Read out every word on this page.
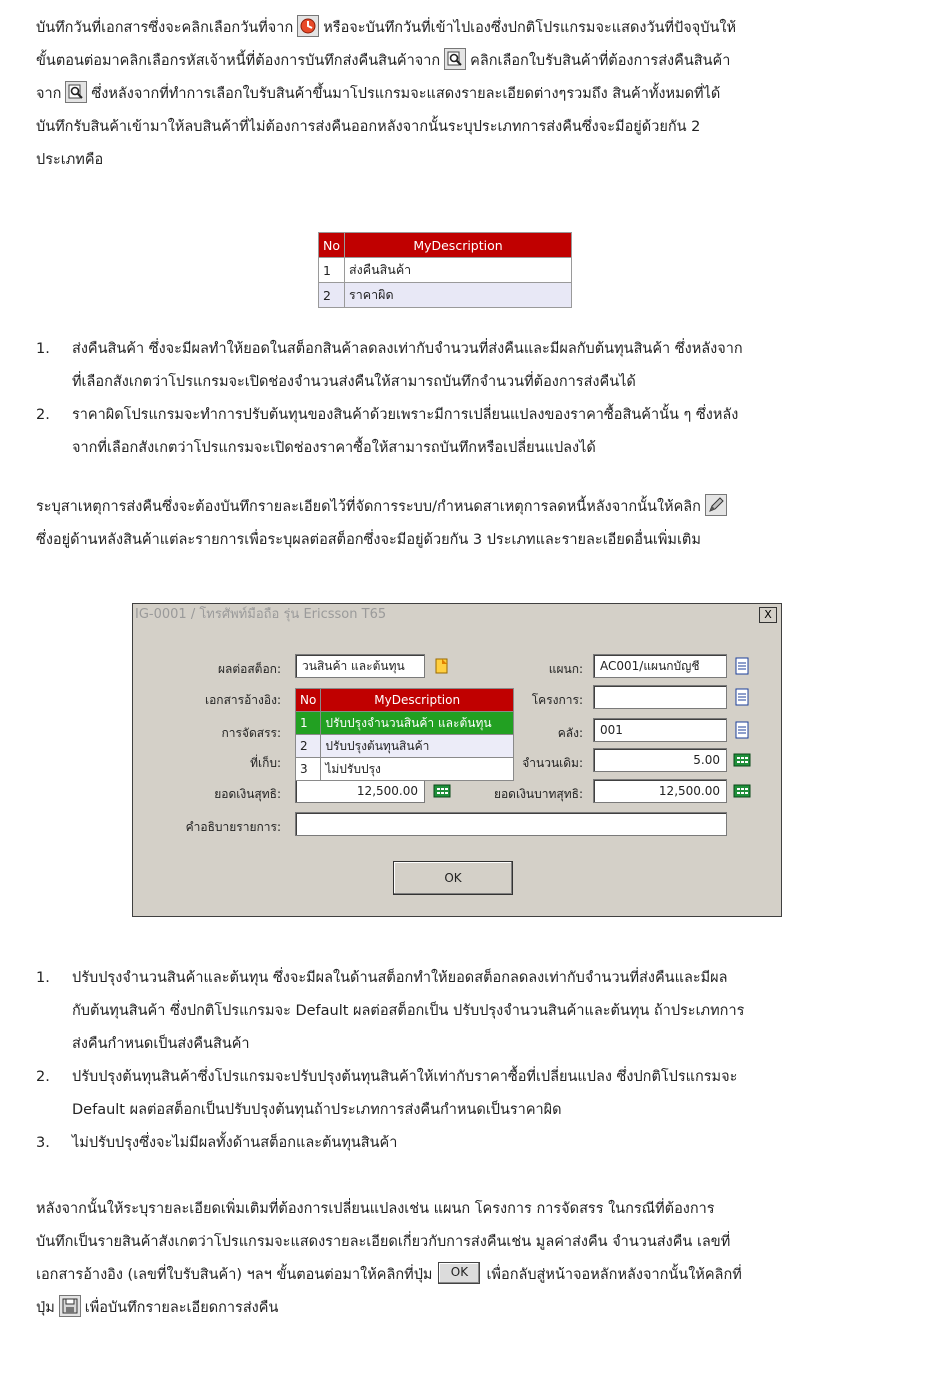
บันทึกวันที่เอกสารซึ่งจะคลิกเลือกวันที่จาก หรือจะบันทึกวันที่เข้าไปเองซึ่งปกติโปรแกรมจะแสดงวันที่ปัจจุบันให้
ขั้นตอนต่อมาคลิกเลือกรหัสเจ้าหนี้ที่ต้องการบันทึกส่งคืนสินค้าจาก คลิกเลือกใบรับสินค้าที่ต้องการส่งคืนสินค้า
จาก ซึ่งหลังจากที่ทำการเลือกใบรับสินค้าขึ้นมาโปรแกรมจะแสดงรายละเอียดต่างๆรวมถึง สินค้าทั้งหมดที่ได้
บันทึกรับสินค้าเข้ามาให้ลบสินค้าที่ไม่ต้องการส่งคืนออกหลังจากนั้นระบุประเภทการส่งคืนซึ่งจะมีอยู่ด้วยกัน 2
ประเภทคือ
No	MyDescription
1	ส่งคืนสินค้า
2	ราคาผิด
1. ส่งคืนสินค้า ซึ่งจะมีผลทำให้ยอดในสต็อกสินค้าลดลงเท่ากับจำนวนที่ส่งคืนและมีผลกับต้นทุนสินค้า ซึ่งหลังจาก
ที่เลือกสังเกตว่าโปรแกรมจะเปิดช่องจำนวนส่งคืนให้สามารถบันทึกจำนวนที่ต้องการส่งคืนได้
2. ราคาผิดโปรแกรมจะทำการปรับต้นทุนของสินค้าด้วยเพราะมีการเปลี่ยนแปลงของราคาซื้อสินค้านั้น ๆ ซึ่งหลัง
จากที่เลือกสังเกตว่าโปรแกรมจะเปิดช่องราคาซื้อให้สามารถบันทึกหรือเปลี่ยนแปลงได้
ระบุสาเหตุการส่งคืนซึ่งจะต้องบันทึกรายละเอียดไว้ที่จัดการระบบ/กำหนดสาเหตุการลดหนี้หลังจากนั้นให้คลิก
ซึ่งอยู่ด้านหลังสินค้าแต่ละรายการเพื่อระบุผลต่อสต็อกซึ่งจะมีอยู่ด้วยกัน 3 ประเภทและรายละเอียดอื่นเพิ่มเติม
IG-0001 / โทรศัพท์มือถือ รุ่น Ericsson T65	X
ผลต่อสต็อก:	วนสินค้า และต้นทุน
เอกสารอ้างอิง:
การจัดสรร:
ที่เก็บ:
ยอดเงินสุทธิ:	12,500.00
คำอธิบายรายการ:
แผนก:	AC001/แผนกบัญชี
โครงการ:
คลัง:	001
จำนวนเดิม:	5.00
ยอดเงินบาทสุทธิ:	12,500.00
No	MyDescription
1	ปรับปรุงจำนวนสินค้า และต้นทุน
2	ปรับปรุงต้นทุนสินค้า
3	ไม่ปรับปรุง
OK
1. ปรับปรุงจำนวนสินค้าและต้นทุน ซึ่งจะมีผลในด้านสต็อกทำให้ยอดสต็อกลดลงเท่ากับจำนวนที่ส่งคืนและมีผล
กับต้นทุนสินค้า ซึ่งปกติโปรแกรมจะ Default ผลต่อสต็อกเป็น ปรับปรุงจำนวนสินค้าและต้นทุน ถ้าประเภทการ
ส่งคืนกำหนดเป็นส่งคืนสินค้า
2. ปรับปรุงต้นทุนสินค้าซึ่งโปรแกรมจะปรับปรุงต้นทุนสินค้าให้เท่ากับราคาซื้อที่เปลี่ยนแปลง ซึ่งปกติโปรแกรมจะ
Default ผลต่อสต็อกเป็นปรับปรุงต้นทุนถ้าประเภทการส่งคืนกำหนดเป็นราคาผิด
3. ไม่ปรับปรุงซึ่งจะไม่มีผลทั้งด้านสต็อกและต้นทุนสินค้า
หลังจากนั้นให้ระบุรายละเอียดเพิ่มเติมที่ต้องการเปลี่ยนแปลงเช่น แผนก โครงการ การจัดสรร ในกรณีที่ต้องการ
บันทึกเป็นรายสินค้าสังเกตว่าโปรแกรมจะแสดงรายละเอียดเกี่ยวกับการส่งคืนเช่น มูลค่าส่งคืน จำนวนส่งคืน เลขที่
เอกสารอ้างอิง (เลขที่ใบรับสินค้า) ฯลฯ ขั้นตอนต่อมาให้คลิกที่ปุ่ม OK เพื่อกลับสู่หน้าจอหลักหลังจากนั้นให้คลิกที่
ปุ่ม เพื่อบันทึกรายละเอียดการส่งคืน
